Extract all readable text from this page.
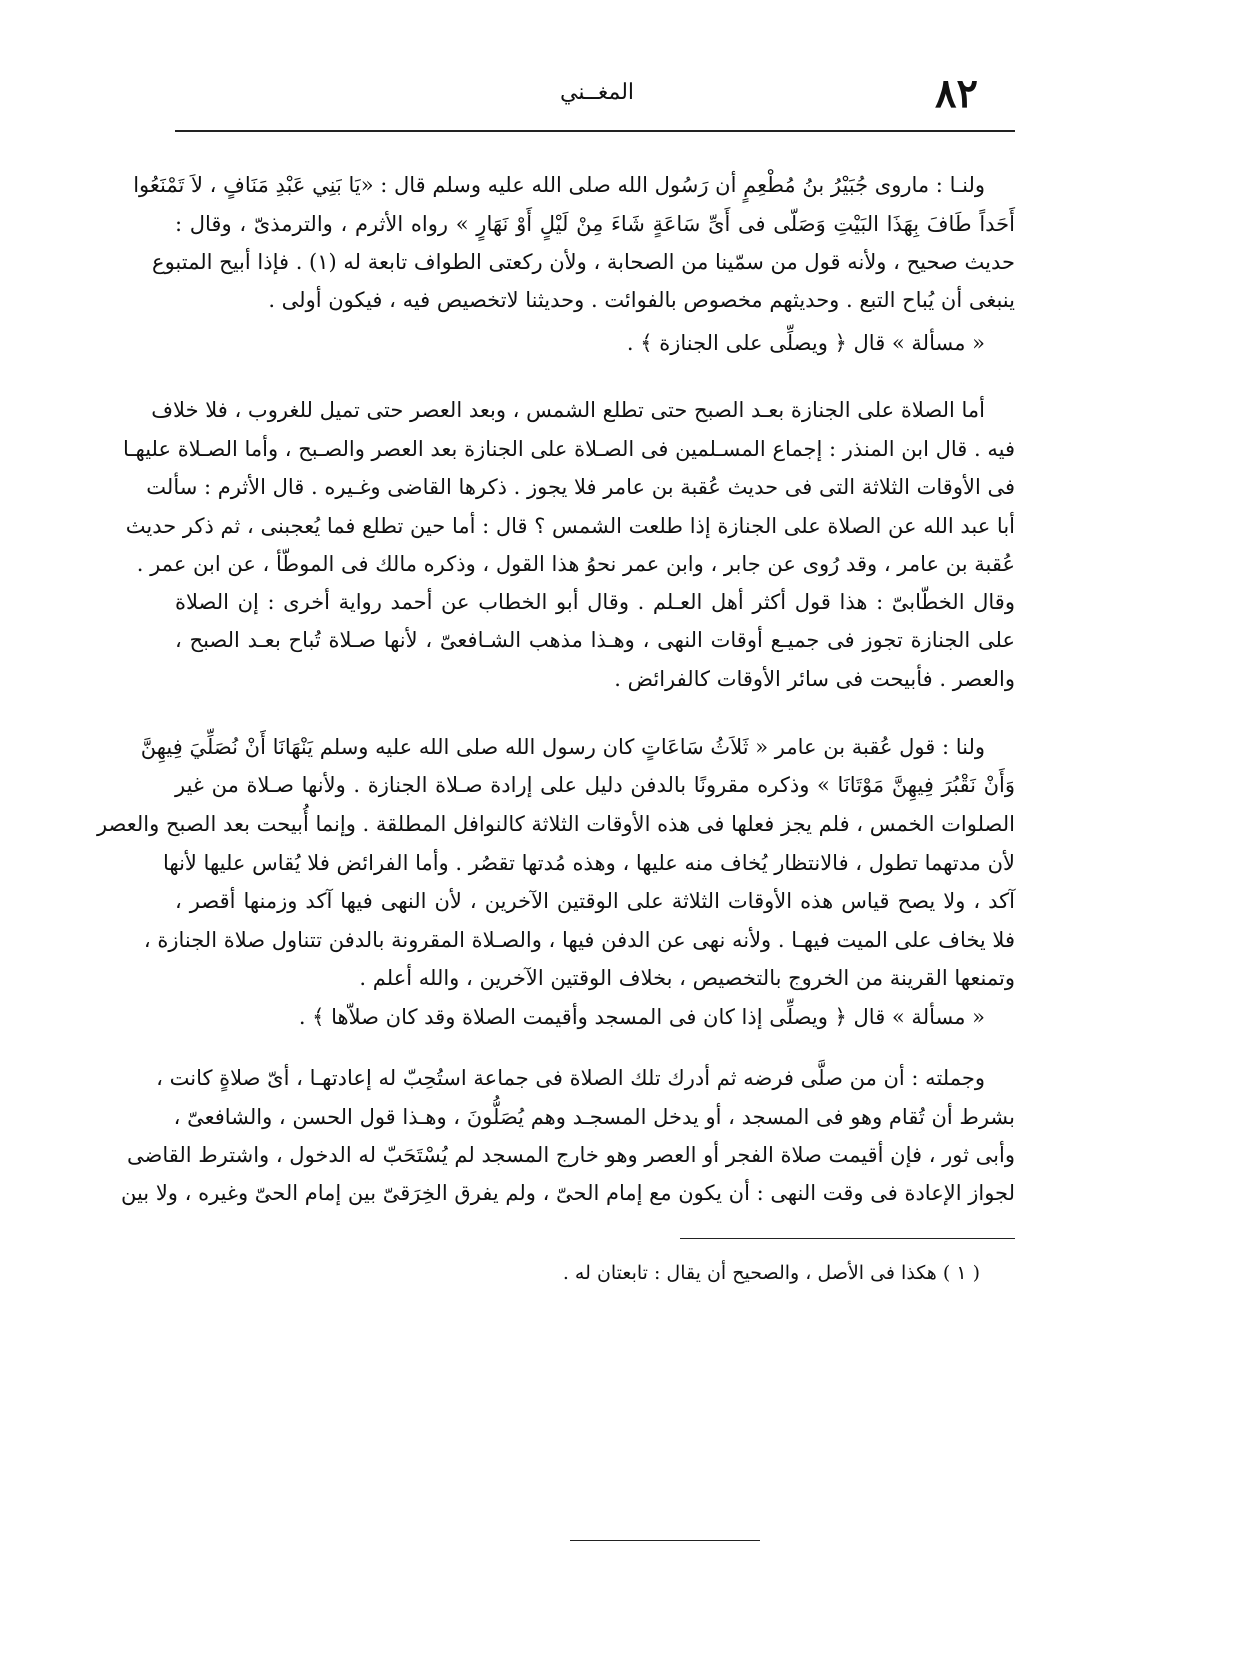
٨٢
المغــني
ولنـا : ماروى جُبَيْرُ بنُ مُطْعِمٍ أن رَسُول الله صلى الله عليه وسلم قال : «يَا بَنِي عَبْدِ مَنَافٍ ، لاَ تَمْنَعُوا
أَحَداً طَافَ بِهَذَا البَيْتِ وَصَلّى فى أَىِّ سَاعَةٍ شَاءَ مِنْ لَيْلٍ أَوْ نَهَارٍ » رواه الأثرم ، والترمذىّ ، وقال :
حديث صحيح ، ولأنه قول من سمّينا من الصحابة ، ولأن ركعتى الطواف تابعة له (١) . فإذا أبيح المتبوع
ينبغى أن يُباح التبع . وحديثهم مخصوص بالفوائت . وحديثنا لاتخصيص فيه ، فيكون أولى .
« مسألة » قال ﴿ ويصلِّى على الجنازة ﴾ .
أما الصلاة على الجنازة بعـد الصبح حتى تطلع الشمس ، وبعد العصر حتى تميل للغروب ، فلا خلاف
فيه . قال ابن المنذر : إجماع المسـلمين فى الصـلاة على الجنازة بعد العصر والصـبح ، وأما الصـلاة عليهـا
فى الأوقات الثلاثة التى فى حديث عُقبة بن عامر فلا يجوز . ذكرها القاضى وغـيره . قال الأثرم : سألت
أبا عبد الله عن الصلاة على الجنازة إذا طلعت الشمس ؟ قال : أما حين تطلع فما يُعجبنى ، ثم ذكر حديث
عُقبة بن عامر ، وقد رُوى عن جابر ، وابن عمر نحوُ هذا القول ، وذكره مالك فى الموطّأ ، عن ابن عمر .
وقال الخطّابىّ : هذا قول أكثر أهل العـلم . وقال أبو الخطاب عن أحمد رواية أخرى : إن الصلاة
على الجنازة تجوز فى جميـع أوقات النهى ، وهـذا مذهب الشـافعىّ ، لأنها صـلاة تُباح بعـد الصبح ،
والعصر . فأبيحت فى سائر الأوقات كالفرائض .
ولنا : قول عُقبة بن عامر « ثَلاَثُ سَاعَاتٍ كان رسول الله صلى الله عليه وسلم يَنْهَانَا أَنْ نُصَلِّيَ فِيهِنَّ
وَأَنْ نَقْبُرَ فِيهِنَّ مَوْتَانَا » وذكره مقرونًا بالدفن دليل على إرادة صـلاة الجنازة . ولأنها صـلاة من غير
الصلوات الخمس ، فلم يجز فعلها فى هذه الأوقات الثلاثة كالنوافل المطلقة . وإنما أُبيحت بعد الصبح والعصر
لأن مدتهما تطول ، فالانتظار يُخاف منه عليها ، وهذه مُدتها تقصُر . وأما الفرائض فلا يُقاس عليها لأنها
آكد ، ولا يصح قياس هذه الأوقات الثلاثة على الوقتين الآخرين ، لأن النهى فيها آكد وزمنها أقصر ،
فلا يخاف على الميت فيهـا . ولأنه نهى عن الدفن فيها ، والصـلاة المقرونة بالدفن تتناول صلاة الجنازة ،
وتمنعها القرينة من الخروج بالتخصيص ، بخلاف الوقتين الآخرين ، والله أعلم .
« مسألة » قال ﴿ ويصلِّى إذا كان فى المسجد وأقيمت الصلاة وقد كان صلاّها ﴾ .
وجملته : أن من صلَّى فرضه ثم أدرك تلك الصلاة فى جماعة استُحِبّ له إعادتهـا ، أىّ صلاةٍ كانت ،
بشرط أن تُقام وهو فى المسجد ، أو يدخل المسجـد وهم يُصَلُّونَ ، وهـذا قول الحسن ، والشافعىّ ،
وأبى ثور ، فإن أقيمت صلاة الفجر أو العصر وهو خارج المسجد لم يُسْتَحَبّ له الدخول ، واشترط القاضى
لجواز الإعادة فى وقت النهى : أن يكون مع إمام الحىّ ، ولم يفرق الخِرَقىّ بين إمام الحىّ وغيره ، ولا بين
( ١ ) هكذا فى الأصل ، والصحيح أن يقال : تابعتان له .
